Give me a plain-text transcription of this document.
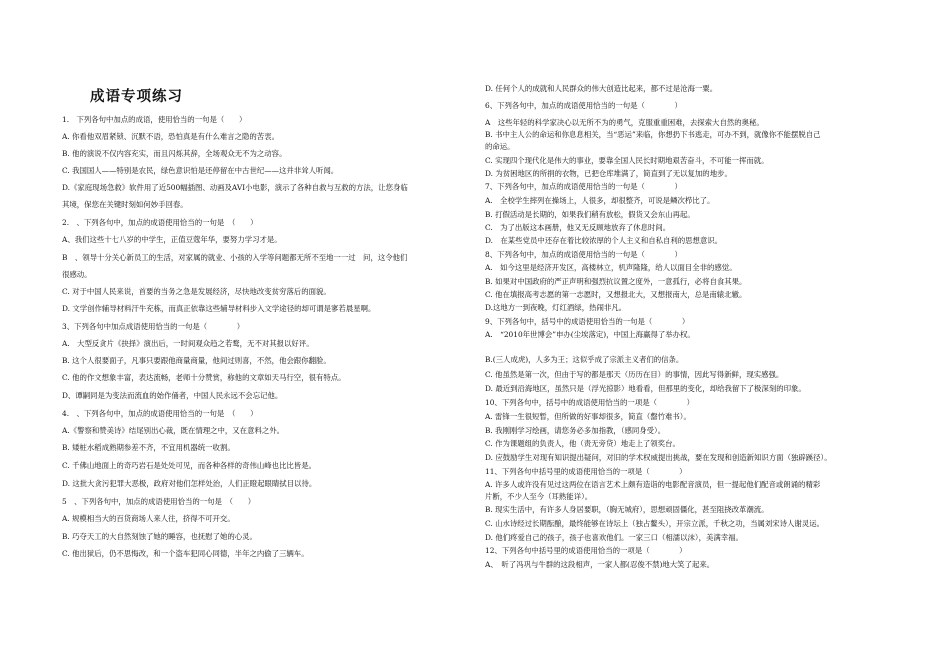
成语专项练习
1.　下列各句中加点的成语，使用恰当的一句是（　　）
A. 你看他双眉紧锁、沉默不语，恐怕真是有什么难言之隐的苦衷。
B. 他的演说不仅内容充实，而且闪烁其辞，全场观众无不为之动容。
C. 我国国人——特别是农民，绿色意识怕是还停留在中古世纪——这并非耸人听闻。
D.《家庭现场急救》软件用了近500幅插图、动画及AVI小电影，演示了各种自救与互救的方法，让您身临
其境，保您在关键时刻如何妙手回春。
2.　、下列各句中，加点的成语使用恰当的一句是　（　　）
A、我们这些十七八岁的中学生，正值豆蔻年华，要努力学习才是。
B　、领导十分关心新员工的生活，对家属的就业、小孩的入学等问题都无所不至地一一过　问，这令他们
很感动。
C. 对于中国人民来说，首要的当务之急是发展经济，尽快地改变贫穷落后的面貌。
D. 文学创作辅导材料汗牛充栋，而真正依靠这些辅导材料步入文学途径的却可谓是寥若晨星啊。
3、下列各句中加点成语使用恰当的一句是（　　　　）
A.　大型反贪片《抉择》演出后，一时间观众趋之若鹜，无不对其报以好评。
B. 这个人很要面子，凡事只要跟他商量商量，他间过则喜，不然，他会跟你翻脸。
C. 他的作文想象丰富，表达流畅，老师十分赞赏，称他的文章如天马行空，很有特点。
D、谭嗣同是为变法而流血的始作俑者，中国人民永远不会忘记他。
4.　、下列各句中，加点的成语使用恰当的一句是　（　　）
A.《警察和赞美诗》结尾别出心裁，既在情理之中，又在意料之外。
B. 矮桩水稻成熟期参差不齐，不宜用机器统一收割。
C. 千佛山地面上的奇巧岩石是处处可见，而各种各样的奇伟山峰也比比皆是。
D. 这批大贪污犯罪大恶极，政府对他们怎样处治，人们正瞪起眼睛拭目以待。
5　、下列各句中，加点的成语使用恰当的一句是　（　　）
A. 规模相当大的百货商场人来人往，挤得不可开交。
B. 巧夺天工的大自然刻蚀了她的睡容，也抚慰了她的心灵。
C. 他出狱后，仍不思悔改，和一个盗车犯同心同德，半年之内偷了三辆车。
D. 任何个人的成就和人民群众的伟大创造比起来，都不过是沧海一粟。
6、下列各句中，加点的成语使用恰当的一句是（　　　　）
A　这些年轻的科学家决心以无所不为的勇气，克服重重困难，去探索大自然的奥秘。
B. 书中主人公的命运和你息息相关，当“恶运”来临，你想扔下书逃走，可办不到，就像你不能摆脱自己
的命运。
C. 实现四个现代化是伟大的事业，要靠全国人民长时期地艰苦奋斗，不可能一挥而就。
D. 为贫困地区的所捐的衣物，已把仓库堆满了，简直到了无以复加的地步。
7、下列各句中，加点的成语使用恰当的一句是（　　　　）
A.　全校学生摔列在操场上，人很多，却很整齐，可说是鳞次栉比了。
B. 打假活动是长期的，如果我们稍有放松，假货又会东山再起。
C.　为了出版这本画册，他又无反顾地放弃了休息时间。
D.　在某些党员中还存在着比较浓厚的个人主义和自私自利的思想意识。
8、下列各句中，加点的成语使用恰当的一句是（　　　　）
A.　如今这里是经济开发区，高楼林立，机声隆隆，给人以面目全非的感觉。
B. 如果对中国政府的严正声明和强烈抗议置之度外，一意孤行，必将自食其果。
C. 他在填报高考志愿的第一志愿时，又想报北大，又想报南大，总是南辕北辙。
D.这地方一到夜晚，灯红酒绿，热闹非凡。
9、下列各句中，括号中的成语使用恰当的一句是（　　　　）
A.　“2010年世博会”申办(尘埃落定)，中国上海赢得了举办权。
B.(三人成虎)，人多为王；这似乎成了宗派主义者们的信条。
C. 他虽然是第一次，但由于写的都是那天（历历在目）的事情，因此写得新鲜，现实感强。
D. 最近到沿海地区，虽然只是（浮光掠影）地看看，但那里的变化，却给我留下了极深刻的印象。
10、下列各句中，括号中的成语使用恰当的一项是（　　　　）
A. 雷锋一生很短暂，但所做的好事却很多，简直（罄竹难书）。
B. 我刚刚学习绘画，请您务必多加指教，（感同身受）。
C. 作为课题组的负责人，他（责无旁贷）地走上了领奖台。
D. 应鼓励学生对现有知识提出疑问，对旧的学术权威提出挑战，要在发现和创造新知识方面（独辟蹊径）。
11、下列各句中括号里的成语使用恰当的一项是（　　　　）
A. 许多人或许没有见过这两位在语言艺术上颇有造诣的电影配音演员，但一提起他们配音或朗诵的精彩
片断，不少人至今（耳熟能详）。
B. 现实生活中，有许多人身居要职，（胸无城府），思想顽固僵化，甚至阻挠改革潮流。
C. 山水诗经过长期酝酿，最终能够在诗坛上（独占鳌头），开宗立派，千秋之功，当属刘宋诗人谢灵运。
D. 他们疼爱自己的孩子，孩子也喜欢他们。一家三口（相濡以沫），美满幸福。
12、下列各句中括号里的成语使用恰当的一项是（　　　　）
A、　听了冯巩与牛群的这段相声，一家人都(忍俊不禁)地大笑了起来。
